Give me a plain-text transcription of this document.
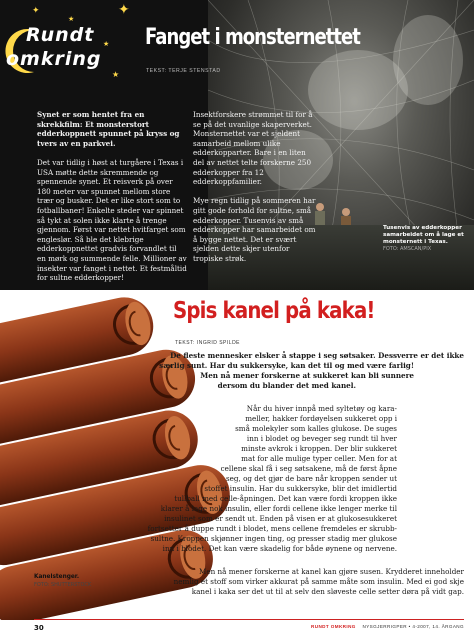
✦
★
✦
★
★
Rundt
omkring
Fanget i monsternettet
TEKST: TERJE STENSTAD

Synet er som hentet fra en skrekkfilm: Et monsterstort edderkoppnett spunnet på kryss og tvers av en parkvei.

Det var tidlig i høst at turgåere i Texas i USA møtte dette skremmende og spennende synet. Et reisverk på over 180 meter var spunnet mellom store trær og busker. Det er like stort som to fotballbaner! Enkelte steder var spinnet så tykt at solen ikke klarte å trenge gjennom. Først var nettet hvitfarget som engleslør. Så ble det klebrige edderkoppnettet gradvis forvandlet til en mørk og summende felle. Millioner av insekter var fanget i nettet. Et festmåltid for sultne edderkopper!

Insektforskere strømmet til for å se på det uvanlige skaperverket. Monsternettet var et sjeldent samarbeid mellom ulike edderkopparter. Bare i en liten del av nettet telte forskerne 250 edderkopper fra 12 edderkoppfamilier.

Mye regn tidlig på sommeren har gitt gode forhold for sultne, små edderkopper. Tusenvis av små edderkopper har samarbeidet om å bygge nettet. Det er svært sjelden dette skjer utenfor tropiske strøk.

Tusenvis av edderkopper samarbeidet om å lage et monsternett i Texas.
FOTO: AMSCAN/PIX
Spis kanel på kaka!
TEKST: INGRID SPILDE
De fleste mennesker elsker å stappe i seg søtsaker. Dessverre er det ikke
særlig sunt. Har du sukkersyke, kan det til og med være farlig!
Men nå mener forskerne at sukkeret kan bli sunnere
dersom du blander det med kanel.
Når du hiver innpå med syltetøy og kara-
meller, hakker fordøyelsen sukkeret opp i
små molekyler som kalles glukose. De suges
inn i blodet og beveger seg rundt til hver
minste avkrok i kroppen. Der blir sukkeret
mat for alle mulige typer celler. Men for at
cellene skal få i seg søtsakene, må de først åpne
seg, og det gjør de bare når kroppen sender ut
stoffet insulin. Har du sukkersyke, blir det imidlertid
tullball med celle-åpningen. Det kan være fordi kroppen ikke
klarer å lage nok insulin, eller fordi cellene ikke lenger merke til
insulinet som er sendt ut. Enden på visen er at glukosesukkeret
fortsetter å duppe rundt i blodet, mens cellene fremdeles er skrubb-
sultne. Kroppen skjønner ingen ting, og presser stadig mer glukose
inn i blodet. Det kan være skadelig for både øynene og nervene.
Men nå mener forskerne at kanel kan gjøre susen. Krydderet inneholder
nemlig et stoff som virker akkurat på samme måte som insulin. Med ei god skje
kanel i kaka ser det ut til at selv den sløveste celle setter døra på vidt gap.
Kanelstenger.
FOTO: SHUTTERSTOCK
30	RUNDT OMKRING NYSGJERRIGPER • 4-2007, 14. ÅRGANG
